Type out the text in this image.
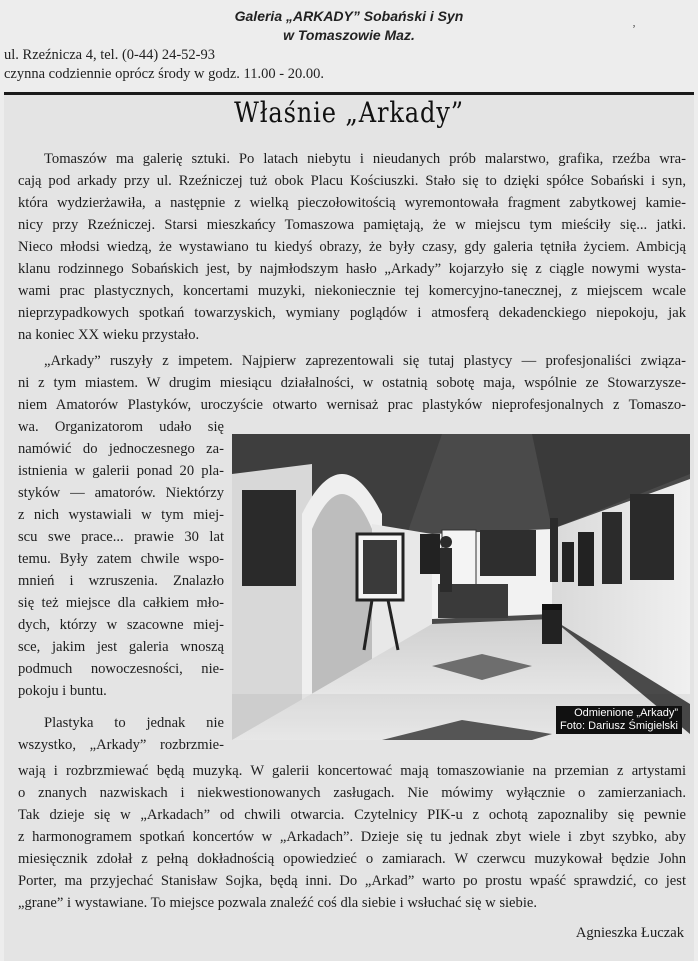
Galeria „ARKADY” Sobański i Syn
w Tomaszowie Maz.	ʼ
ul. Rzeźnicza 4, tel. (0-44) 24-52-93
czynna codziennie oprócz środy w godz. 11.00 - 20.00.
Właśnie „Arkady”
Tomaszów ma galerię sztuki. Po latach niebytu i nieudanych prób malarstwo, grafika, rzeźba wra-
cają pod arkady przy ul. Rzeźniczej tuż obok Placu Kościuszki. Stało się to dzięki spółce Sobański i syn,
która wydzierżawiła, a następnie z wielką pieczołowitością wyremontowała fragment zabytkowej kamie-
nicy przy Rzeźniczej. Starsi mieszkańcy Tomaszowa pamiętają, że w miejscu tym mieściły się... jatki.
Nieco młodsi wiedzą, że wystawiano tu kiedyś obrazy, że były czasy, gdy galeria tętniła życiem. Ambicją
klanu rodzinnego Sobańskich jest, by najmłodszym hasło „Arkady” kojarzyło się z ciągle nowymi wysta-
wami prac plastycznych, koncertami muzyki, niekoniecznie tej komercyjno-tanecznej, z miejscem wcale
nieprzypadkowych spotkań towarzyskich, wymiany poglądów i atmosferą dekadenckiego niepokoju, jak
na koniec XX wieku przystało.
„Arkady” ruszyły z impetem. Najpierw zaprezentowali się tutaj plastycy — profesjonaliści związa-
ni z tym miastem. W drugim miesiącu działalności, w ostatnią sobotę maja, wspólnie ze Stowarzysze-
niem Amatorów Plastyków, uroczyście otwarto wernisaż prac plastyków nieprofesjonalnych z Tomaszo-
wa. Organizatorom udało się
namówić do jednoczesnego za-
istnienia w galerii ponad 20 pla-
styków — amatorów. Niektórzy
z nich wystawiali w tym miej-
scu swe prace... prawie 30 lat
temu. Były zatem chwile wspo-
mnień i wzruszenia. Znalazło
się też miejsce dla całkiem mło-
dych, którzy w szacowne miej-
sce, jakim jest galeria wnoszą
podmuch nowoczesności, nie-
pokoju i buntu.
Plastyka to jednak nie
wszystko, „Arkady” rozbrzmie-
wają i rozbrzmiewać będą muzyką. W galerii koncertować mają tomaszowianie na przemian z artystami
o znanych nazwiskach i niekwestionowanych zasługach. Nie mówimy wyłącznie o zamierzaniach.
Tak dzieje się w „Arkadach” od chwili otwarcia. Czytelnicy PIK-u z ochotą zapoznaliby się pewnie
z harmonogramem spotkań koncertów w „Arkadach”. Dzieje się tu jednak zbyt wiele i zbyt szybko, aby
miesięcznik zdołał z pełną dokładnością opowiedzieć o zamiarach. W czerwcu muzykował będzie John
Porter, ma przyjechać Stanisław Sojka, będą inni. Do „Arkad” warto po prostu wpaść sprawdzić, co jest
„grane” i wystawiane. To miejsce pozwala znaleźć coś dla siebie i wsłuchać się w siebie.
Odmienione „Arkady”
Foto: Dariusz Śmigielski
Agnieszka Łuczak
